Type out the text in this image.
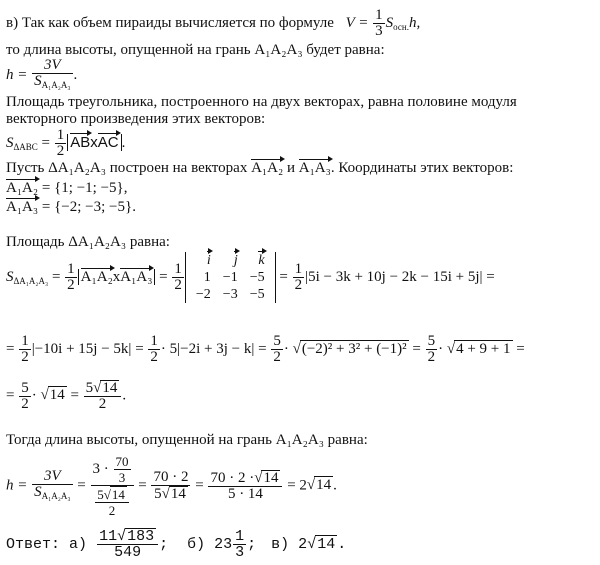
в) Так как объем пираиды вычисляется по формуле $V = \frac{1}{3} S_{осн.}h$,
то длина высоты, опущенной на грань A₁A₂A₃ будет равна:
$h = \frac{3V}{S_{A_1A_2A_3}}$ .
Площадь треугольника, построенного на двух векторах, равна половине модуля
векторного произведения этих векторов:
$S_{\Delta ABC} = \frac{1}{2}$ ABxAC .
Пусть ΔA₁A₂A₃ построен на векторах A₁A₂ и A₁A₃. Координаты этих векторов:
A₁A₂ = {1; −1; −5},
A₁A₃ = {−2; −3; −5}.
Площадь ΔA₁A₂A₃ равна:
$S_{\Delta A_1A_2A_3} = \frac{1}{2} A_1A_2xA_1A_3 = \frac{1}{2}$
i	j	k
1	−1	−5
−2	−3	−5
= $\frac{1}{2} |5i - 3k + 10j - 2k - 15i + 5j|$ =
= $\frac{1}{2} |-10i + 15j - 5k| = \frac{1}{2} \cdot 5|-2i + 3j - k| = \frac{5}{2} \cdot √(-2)^2 + 3^2 + (-1)^2 = \frac{5}{2} \cdot √4 + 9 + 1$ =
= $\frac{5}{2} \cdot √14 = \frac{5√14}{2}$ .
Тогда длина высоты, опущенной на грань A₁A₂A₃ равна:
$h = \frac{3V}{S_{A_1A_2A_3}} = \frac{3 \cdot \frac{70}{3}}{\frac{5√14}{2}} = \frac{70 \cdot 2}{5√14} = \frac{70 \cdot 2 \cdot√14}{5 \cdot 14} = 2√14$ .
Ответ: $а) \frac{11√183}{549}$ ; б) $23 \frac{1}{3}$ ; в) 2√14 .
